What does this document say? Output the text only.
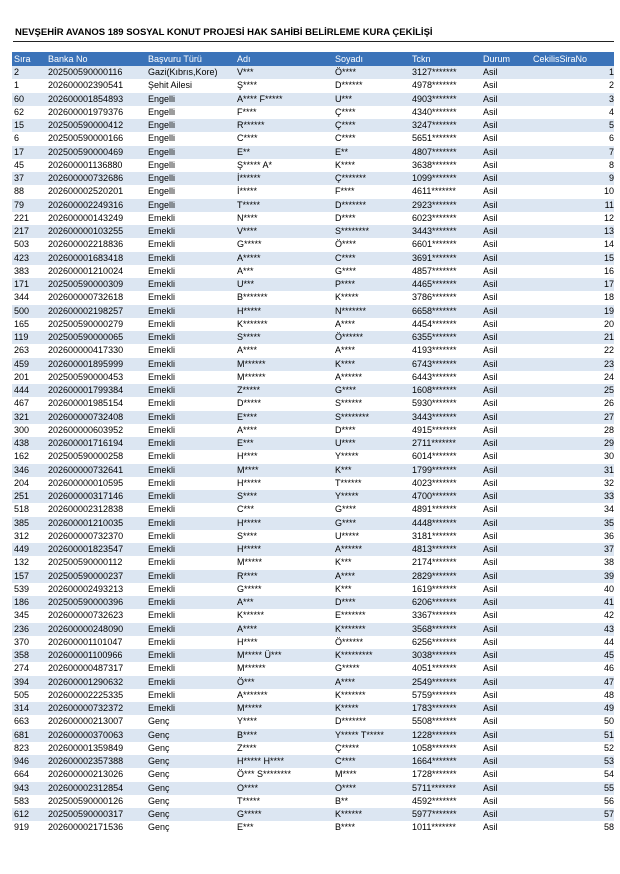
NEVŞEHİR AVANOS 189 SOSYAL KONUT PROJESİ HAK SAHİBİ BELİRLEME KURA ÇEKİLİŞİ
Sıra	Banka No	Başvuru Türü	Adı	Soyadı	Tckn	Durum	CekilisSiraNo
2	202500590000116	Gazi(Kıbrıs,Kore)	V***	Ö****	3127*******	Asil	1
1	202600002390541	Şehit Ailesi	Ş****	D******	4978*******	Asil	2
60	202600001854893	Engelli	A**** F*****	U***	4903*******	Asil	3
62	202600001979376	Engelli	F****	Ç****	4340*******	Asil	4
15	202500590000412	Engelli	R******	Ç****	3247*******	Asil	5
6	202500590000166	Engelli	C****	C****	5651*******	Asil	6
17	202500590000469	Engelli	E**	E**	4807*******	Asil	7
45	202600001136880	Engelli	Ş***** A*	K****	3638*******	Asil	8
37	202600000732686	Engelli	İ******	Ç*******	1099*******	Asil	9
88	202600002520201	Engelli	İ*****	F****	4611*******	Asil	10
79	202600002249316	Engelli	T*****	D*******	2923*******	Asil	11
221	202600000143249	Emekli	N****	D****	6023*******	Asil	12
217	202600000103255	Emekli	V****	S********	3443*******	Asil	13
503	202600002218836	Emekli	G*****	Ö****	6601*******	Asil	14
423	202600001683418	Emekli	A*****	C****	3691*******	Asil	15
383	202600001210024	Emekli	A***	G****	4857*******	Asil	16
171	202500590000309	Emekli	U***	P****	4465*******	Asil	17
344	202600000732618	Emekli	B*******	K*****	3786*******	Asil	18
500	202600002198257	Emekli	H*****	N*******	6658*******	Asil	19
165	202500590000279	Emekli	K*******	A****	4454*******	Asil	20
119	202500590000065	Emekli	S*****	Ö******	6355*******	Asil	21
263	202600000417330	Emekli	A****	A****	4193*******	Asil	22
459	202600001895999	Emekli	M******	K****	6743*******	Asil	23
201	202500590000453	Emekli	M******	A******	6443*******	Asil	24
444	202600001799384	Emekli	Z*****	G****	1608*******	Asil	25
467	202600001985154	Emekli	D*****	S******	5930*******	Asil	26
321	202600000732408	Emekli	E****	S********	3443*******	Asil	27
300	202600000603952	Emekli	A****	D****	4915*******	Asil	28
438	202600001716194	Emekli	E***	U****	2711*******	Asil	29
162	202500590000258	Emekli	H****	Y*****	6014*******	Asil	30
346	202600000732641	Emekli	M****	K***	1799*******	Asil	31
204	202600000010595	Emekli	H*****	T******	4023*******	Asil	32
251	202600000317146	Emekli	S****	Y*****	4700*******	Asil	33
518	202600002312838	Emekli	C***	G****	4891*******	Asil	34
385	202600001210035	Emekli	H*****	G****	4448*******	Asil	35
312	202600000732370	Emekli	S****	U*****	3181*******	Asil	36
449	202600001823547	Emekli	H*****	A******	4813*******	Asil	37
132	202500590000112	Emekli	M*****	K***	2174*******	Asil	38
157	202500590000237	Emekli	R****	A****	2829*******	Asil	39
539	202600002493213	Emekli	G*****	K***	1619*******	Asil	40
186	202500590000396	Emekli	A***	D****	6206*******	Asil	41
345	202600000732623	Emekli	K******	E*******	3367*******	Asil	42
236	202600000248090	Emekli	A****	K*******	3568*******	Asil	43
370	202600001101047	Emekli	H****	Ö******	6256*******	Asil	44
358	202600001100966	Emekli	M***** Ü***	K*********	3038*******	Asil	45
274	202600000487317	Emekli	M******	G*****	4051*******	Asil	46
394	202600001290632	Emekli	Ö***	A****	2549*******	Asil	47
505	202600002225335	Emekli	A*******	K*******	5759*******	Asil	48
314	202600000732372	Emekli	M*****	K*****	1783*******	Asil	49
663	202600000213007	Genç	Y****	D*******	5508*******	Asil	50
681	202600000370063	Genç	B****	Y***** T*****	1228*******	Asil	51
823	202600001359849	Genç	Z****	Ç*****	1058*******	Asil	52
946	202600002357388	Genç	H***** H****	C****	1664*******	Asil	53
664	202600000213026	Genç	Ö*** S********	M****	1728*******	Asil	54
943	202600002312854	Genç	O****	O****	5711*******	Asil	55
583	202500590000126	Genç	T*****	B**	4592*******	Asil	56
612	202500590000317	Genç	G*****	K******	5977*******	Asil	57
919	202600002171536	Genç	E***	B****	1011*******	Asil	58
